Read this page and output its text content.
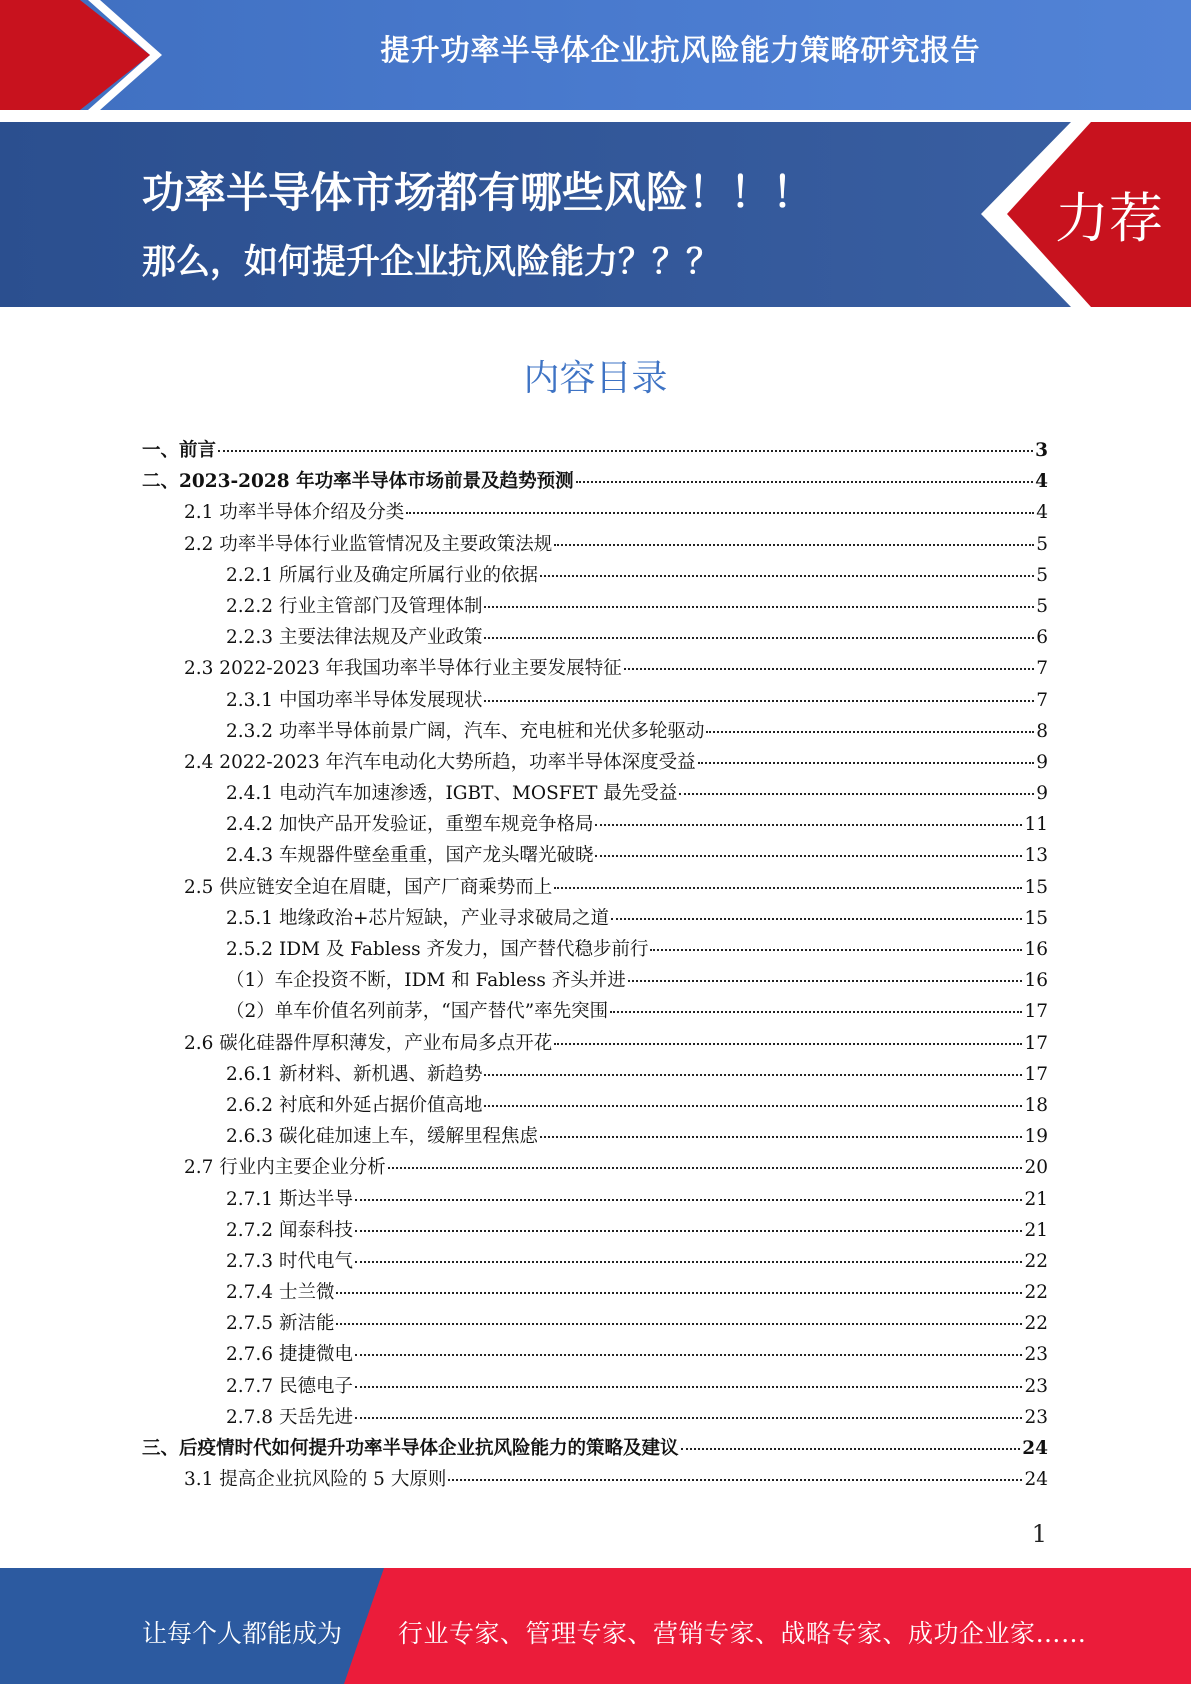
提升功率半导体企业抗风险能力策略研究报告
功率半导体市场都有哪些风险！！！
那么，如何提升企业抗风险能力？？？
力荐
内容目录
一、前言	3
二、2023-2028 年功率半导体市场前景及趋势预测	4
2.1 功率半导体介绍及分类	4
2.2 功率半导体行业监管情况及主要政策法规	5
2.2.1 所属行业及确定所属行业的依据	5
2.2.2 行业主管部门及管理体制	5
2.2.3 主要法律法规及产业政策	6
2.3 2022-2023 年我国功率半导体行业主要发展特征	7
2.3.1 中国功率半导体发展现状	7
2.3.2 功率半导体前景广阔，汽车、充电桩和光伏多轮驱动	8
2.4 2022-2023 年汽车电动化大势所趋，功率半导体深度受益	9
2.4.1 电动汽车加速渗透，IGBT、MOSFET 最先受益	9
2.4.2 加快产品开发验证，重塑车规竞争格局	11
2.4.3 车规器件壁垒重重，国产龙头曙光破晓	13
2.5 供应链安全迫在眉睫，国产厂商乘势而上	15
2.5.1 地缘政治+芯片短缺，产业寻求破局之道	15
2.5.2 IDM 及 Fabless 齐发力，国产替代稳步前行	16
（1）车企投资不断，IDM 和 Fabless 齐头并进	16
（2）单车价值名列前茅，“国产替代”率先突围	17
2.6 碳化硅器件厚积薄发，产业布局多点开花	17
2.6.1 新材料、新机遇、新趋势	17
2.6.2 衬底和外延占据价值高地	18
2.6.3 碳化硅加速上车，缓解里程焦虑	19
2.7 行业内主要企业分析	20
2.7.1 斯达半导	21
2.7.2 闻泰科技	21
2.7.3 时代电气	22
2.7.4 士兰微	22
2.7.5 新洁能	22
2.7.6 捷捷微电	23
2.7.7 民德电子	23
2.7.8 天岳先进	23
三、后疫情时代如何提升功率半导体企业抗风险能力的策略及建议	24
3.1 提高企业抗风险的 5 大原则	24
1
让每个人都能成为 行业专家、管理专家、营销专家、战略专家、成功企业家……
